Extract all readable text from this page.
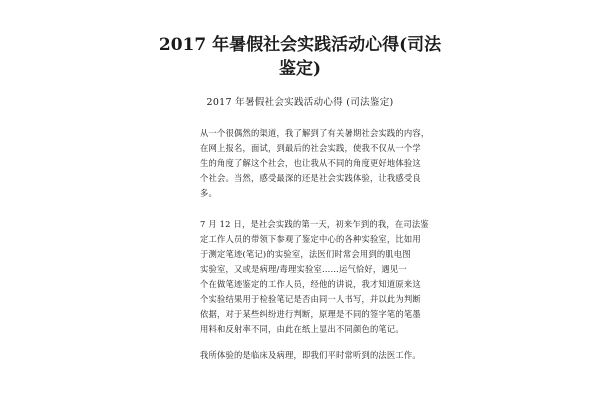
2017 年暑假社会实践活动心得(司法
鉴定)

2017 年暑假社会实践活动心得 (司法鉴定)

从一个很偶然的渠道，我了解到了有关暑期社会实践的内容，
在网上报名，面试，到最后的社会实践，使我不仅从一个学
生的角度了解这个社会，也让我从不同的角度更好地体验这
个社会。当然，感受最深的还是社会实践体验，让我感受良
多。
7 月 12 日，是社会实践的第一天，初来乍到的我，在司法鉴
定工作人员的带领下参观了鉴定中心的各种实验室，比如用
于测定笔迹(笔记)的实验室，法医们时常会用到的肌电图
实验室，又或是病理/毒理实验室……运气恰好，遇见一
个在做笔迹鉴定的工作人员，经他的讲说，我才知道原来这
个实验结果用于检验笔记是否由同一人书写，并以此为判断
依据，对于某些纠纷进行判断，原理是不同的签字笔的笔墨
用料和反射率不同，由此在纸上显出不同颜色的笔记。
我所体验的是临床及病理，即我们平时常听到的法医工作。
